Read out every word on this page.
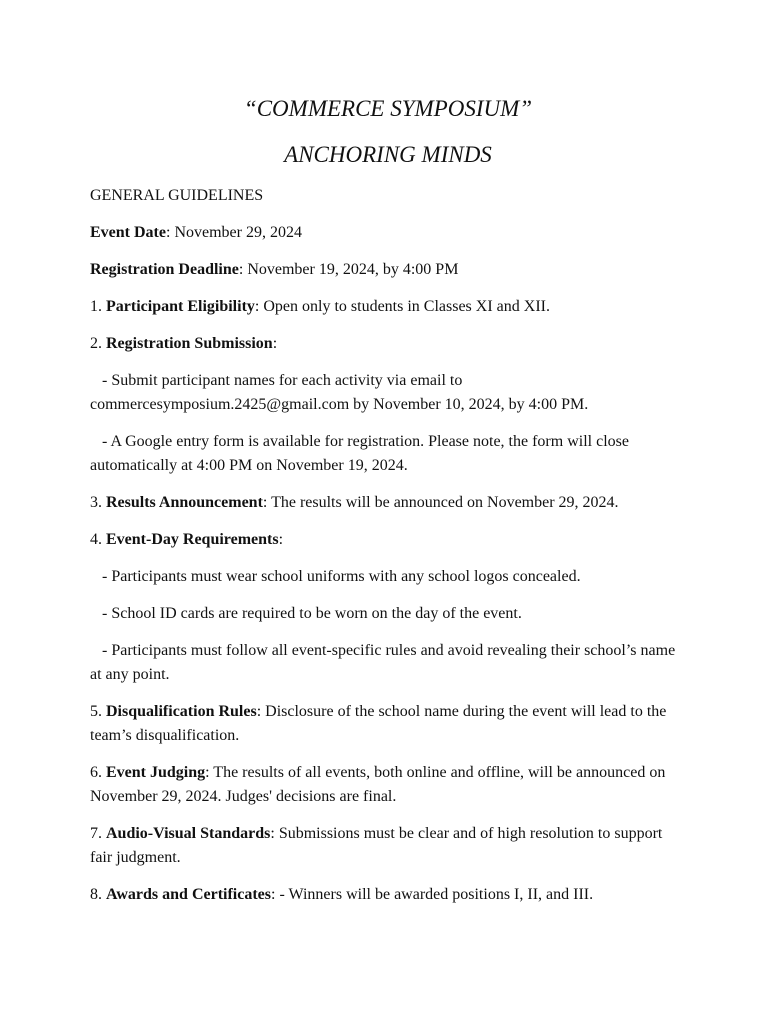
“COMMERCE SYMPOSIUM”

ANCHORING MINDS

GENERAL GUIDELINES

Event Date: November 29, 2024

Registration Deadline: November 19, 2024, by 4:00 PM

1. Participant Eligibility: Open only to students in Classes XI and XII.

2. Registration Submission:

- Submit participant names for each activity via email to commercesymposium.2425@gmail.com by November 10, 2024, by 4:00 PM.

- A Google entry form is available for registration. Please note, the form will close automatically at 4:00 PM on November 19, 2024.

3. Results Announcement: The results will be announced on November 29, 2024.

4. Event-Day Requirements:

- Participants must wear school uniforms with any school logos concealed.

- School ID cards are required to be worn on the day of the event.

- Participants must follow all event-specific rules and avoid revealing their school’s name at any point.

5. Disqualification Rules: Disclosure of the school name during the event will lead to the team’s disqualification.

6. Event Judging: The results of all events, both online and offline, will be announced on November 29, 2024. Judges' decisions are final.

7. Audio-Visual Standards: Submissions must be clear and of high resolution to support fair judgment.

8. Awards and Certificates: - Winners will be awarded positions I, II, and III.
